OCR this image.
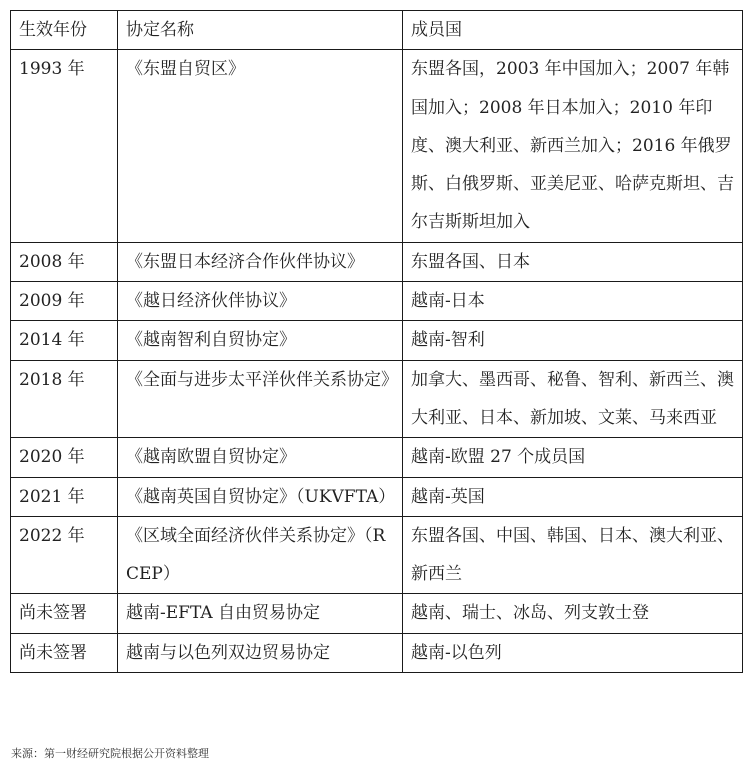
生效年份	协定名称	成员国
1993 年	《东盟自贸区》	东盟各国，2003 年中国加入；2007 年韩国加入；2008 年日本加入；2010 年印度、澳大利亚、新西兰加入；2016 年俄罗斯、白俄罗斯、亚美尼亚、哈萨克斯坦、吉尔吉斯斯坦加入
2008 年	《东盟日本经济合作伙伴协议》	东盟各国、日本
2009 年	《越日经济伙伴协议》	越南-日本
2014 年	《越南智利自贸协定》	越南-智利
2018 年	《全面与进步太平洋伙伴关系协定》	加拿大、墨西哥、秘鲁、智利、新西兰、澳大利亚、日本、新加坡、文莱、马来西亚
2020 年	《越南欧盟自贸协定》	越南-欧盟 27 个成员国
2021 年	《越南英国自贸协定》（UKVFTA）	越南-英国
2022 年	《区域全面经济伙伴关系协定》（RCEP）	东盟各国、中国、韩国、日本、澳大利亚、新西兰
尚未签署	越南-EFTA 自由贸易协定	越南、瑞士、冰岛、列支敦士登
尚未签署	越南与以色列双边贸易协定	越南-以色列
来源：第一财经研究院根据公开资料整理
